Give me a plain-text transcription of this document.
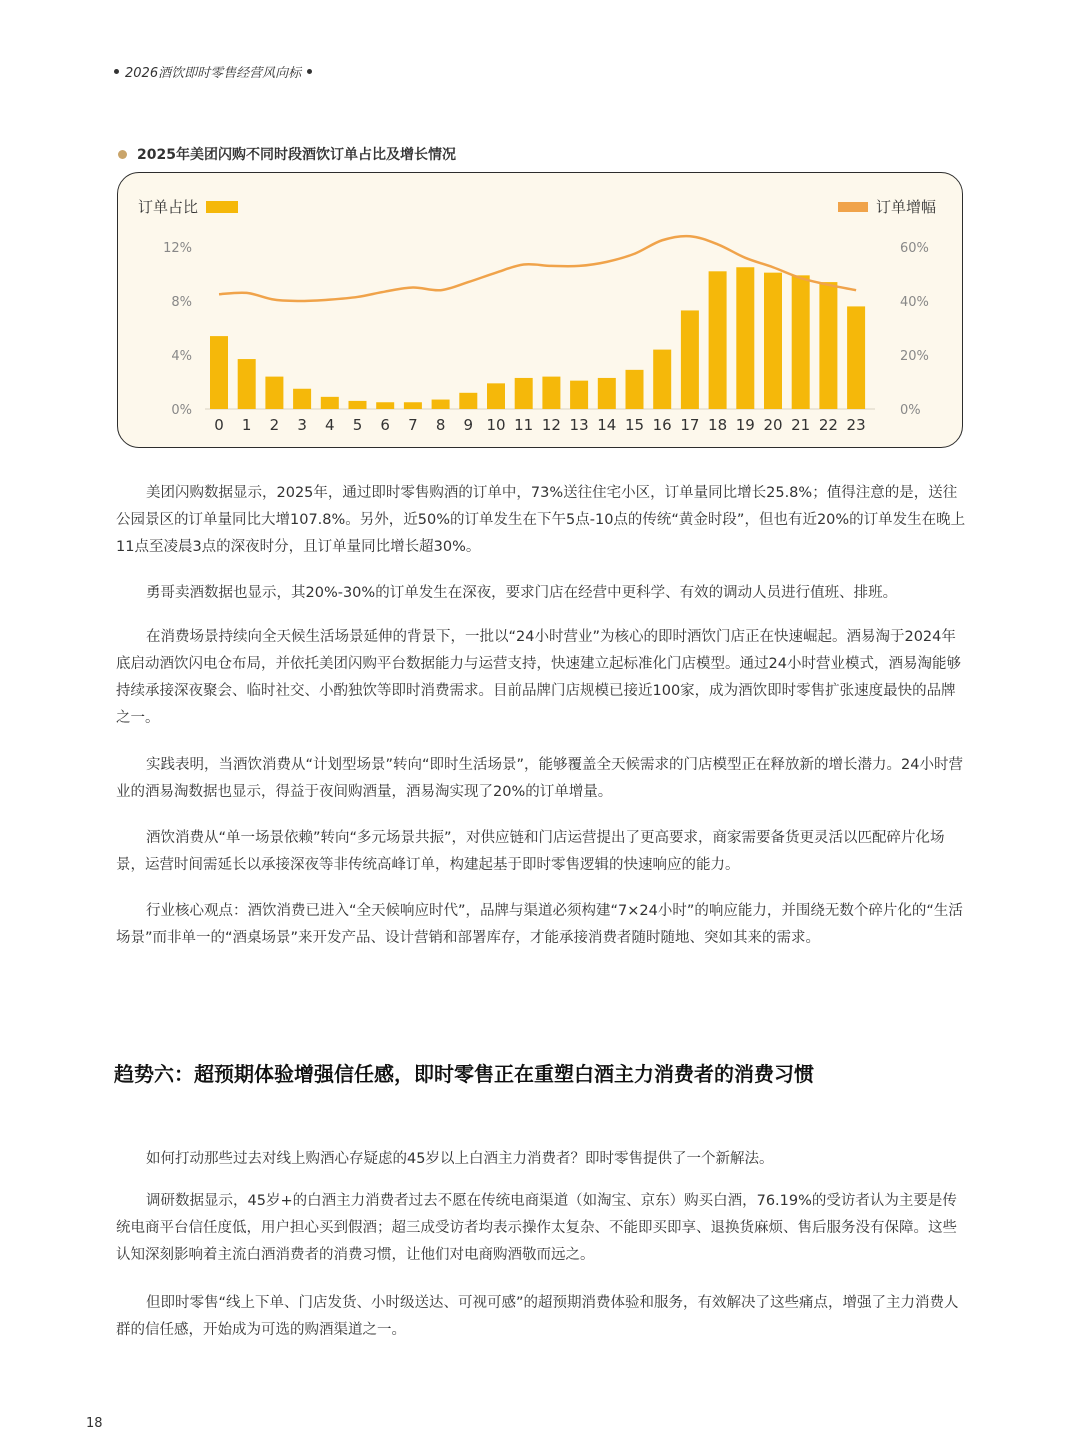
2026酒饮即时零售经营风向标
2025年美团闪购不同时段酒饮订单占比及增长情况
0%
4%
8%
12%
0%
20%
40%
60%
0 1 2 3 4 5 6 7 8 9 10 11 12 13 14 15 16 17 18 19 20 21 22 23
订单占比	订单增幅

美团闪购数据显示，2025年，通过即时零售购酒的订单中，73%送往住宅小区，订单量同比增长25.8%；值得注意的是，送往公园景区的订单量同比大增107.8%。另外，近50%的订单发生在下午5点-10点的传统“黄金时段”，但也有近20%的订单发生在晚上11点至凌晨3点的深夜时分，且订单量同比增长超30%。

勇哥卖酒数据也显示，其20%-30%的订单发生在深夜，要求门店在经营中更科学、有效的调动人员进行值班、排班。

在消费场景持续向全天候生活场景延伸的背景下，一批以“24小时营业”为核心的即时酒饮门店正在快速崛起。酒易淘于2024年底启动酒饮闪电仓布局，并依托美团闪购平台数据能力与运营支持，快速建立起标准化门店模型。通过24小时营业模式，酒易淘能够持续承接深夜聚会、临时社交、小酌独饮等即时消费需求。目前品牌门店规模已接近100家，成为酒饮即时零售扩张速度最快的品牌之一。

实践表明，当酒饮消费从“计划型场景”转向“即时生活场景”，能够覆盖全天候需求的门店模型正在释放新的增长潜力。24小时营业的酒易淘数据也显示，得益于夜间购酒量，酒易淘实现了20%的订单增量。

酒饮消费从“单一场景依赖”转向“多元场景共振”，对供应链和门店运营提出了更高要求，商家需要备货更灵活以匹配碎片化场景，运营时间需延长以承接深夜等非传统高峰订单，构建起基于即时零售逻辑的快速响应的能力。

行业核心观点：酒饮消费已进入“全天候响应时代”，品牌与渠道必须构建“7×24小时”的响应能力，并围绕无数个碎片化的“生活场景”而非单一的“酒桌场景”来开发产品、设计营销和部署库存，才能承接消费者随时随地、突如其来的需求。

趋势六：超预期体验增强信任感，即时零售正在重塑白酒主力消费者的消费习惯

如何打动那些过去对线上购酒心存疑虑的45岁以上白酒主力消费者？即时零售提供了一个新解法。

调研数据显示，45岁+的白酒主力消费者过去不愿在传统电商渠道（如淘宝、京东）购买白酒，76.19%的受访者认为主要是传统电商平台信任度低，用户担心买到假酒；超三成受访者均表示操作太复杂、不能即买即享、退换货麻烦、售后服务没有保障。这些认知深刻影响着主流白酒消费者的消费习惯，让他们对电商购酒敬而远之。

但即时零售“线上下单、门店发货、小时级送达、可视可感”的超预期消费体验和服务，有效解决了这些痛点，增强了主力消费人群的信任感，开始成为可选的购酒渠道之一。

18
